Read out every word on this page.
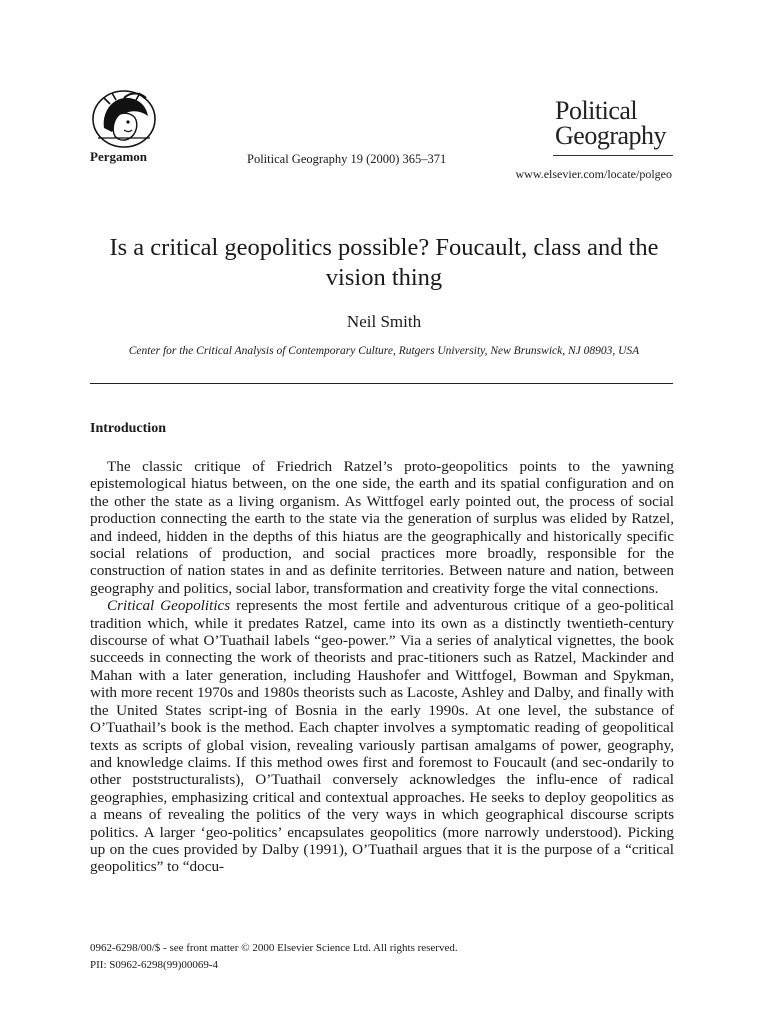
Pergamon	Political Geography 19 (2000) 365–371
Political
Geography
www.elsevier.com/locate/polgeo
Is a critical geopolitics possible? Foucault, class and the vision thing
Neil Smith
Center for the Critical Analysis of Contemporary Culture, Rutgers University, New Brunswick, NJ 08903, USA
Introduction

The classic critique of Friedrich Ratzel’s proto-geopolitics points to the yawning epistemological hiatus between, on the one side, the earth and its spatial configuration and on the other the state as a living organism. As Wittfogel early pointed out, the process of social production connecting the earth to the state via the generation of surplus was elided by Ratzel, and indeed, hidden in the depths of this hiatus are the geographically and historically specific social relations of production, and social practices more broadly, responsible for the construction of nation states in and as definite territories. Between nature and nation, between geography and politics, social labor, transformation and creativity forge the vital connections.

Critical Geopolitics represents the most fertile and adventurous critique of a geo-political tradition which, while it predates Ratzel, came into its own as a distinctly twentieth-century discourse of what O’Tuathail labels “geo-power.” Via a series of analytical vignettes, the book succeeds in connecting the work of theorists and prac-titioners such as Ratzel, Mackinder and Mahan with a later generation, including Haushofer and Wittfogel, Bowman and Spykman, with more recent 1970s and 1980s theorists such as Lacoste, Ashley and Dalby, and finally with the United States script-ing of Bosnia in the early 1990s. At one level, the substance of O’Tuathail’s book is the method. Each chapter involves a symptomatic reading of geopolitical texts as scripts of global vision, revealing variously partisan amalgams of power, geography, and knowledge claims. If this method owes first and foremost to Foucault (and sec-ondarily to other poststructuralists), O’Tuathail conversely acknowledges the influ-ence of radical geographies, emphasizing critical and contextual approaches. He seeks to deploy geopolitics as a means of revealing the politics of the very ways in which geographical discourse scripts politics. A larger ‘geo-politics’ encapsulates geopolitics (more narrowly understood). Picking up on the cues provided by Dalby (1991), O’Tuathail argues that it is the purpose of a “critical geopolitics” to “docu-

0962-6298/00/$ - see front matter © 2000 Elsevier Science Ltd. All rights reserved.
PII: S0962-6298(99)00069-4
